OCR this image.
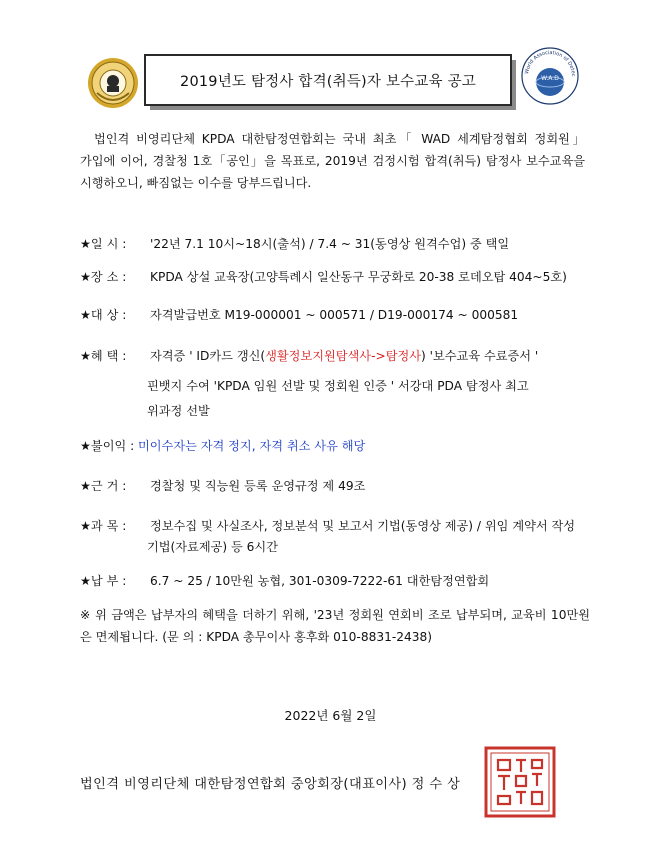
2019년도 탐정사 합격(취득)자 보수교육 공고
World Association of Detec
W.A.D
법인격 비영리단체 KPDA 대한탐정연합회는 국내 최초「 WAD 세계탐정협회 정회원」가입에 이어, 경찰청 1호「공인」을 목표로, 2019년 검정시험 합격(취득) 탐정사 보수교육을 시행하오니, 빠짐없는 이수를 당부드립니다.
★일 시 : '22년 7.1 10시~18시(출석) / 7.4 ~ 31(동영상 원격수업) 중 택일
★장 소 : KPDA 상설 교육장(고양특례시 일산동구 무궁화로 20-38 로데오탑 404~5호)
★대 상 : 자격발급번호 M19-000001 ~ 000571 / D19-000174 ~ 000581
★혜 택 : 자격증 ' ID카드 갱신(생활정보지원탐색사->탐정사) '보수교육 수료증서 '
핀뱃지 수여 'KPDA 임원 선발 및 정회원 인증 ' 서강대 PDA 탐정사 최고
위과정 선발
★불이익 : 미이수자는 자격 정지, 자격 취소 사유 해당
★근 거 : 경찰청 및 직능원 등록 운영규정 제 49조
★과 목 : 정보수집 및 사실조사, 정보분석 및 보고서 기법(동영상 제공) / 위임 계약서 작성
기법(자료제공) 등 6시간
★납 부 : 6.7 ~ 25 / 10만원 농협, 301-0309-7222-61 대한탐정연합회
※ 위 금액은 납부자의 혜택을 더하기 위해, '23년 정회원 연회비 조로 납부되며, 교육비 10만원은 면제됩니다. (문 의 : KPDA 총무이사 홍후화 010-8831-2438)
2022년 6월 2일
법인격 비영리단체 대한탐정연합회 중앙회장(대표이사) 정 수 상
